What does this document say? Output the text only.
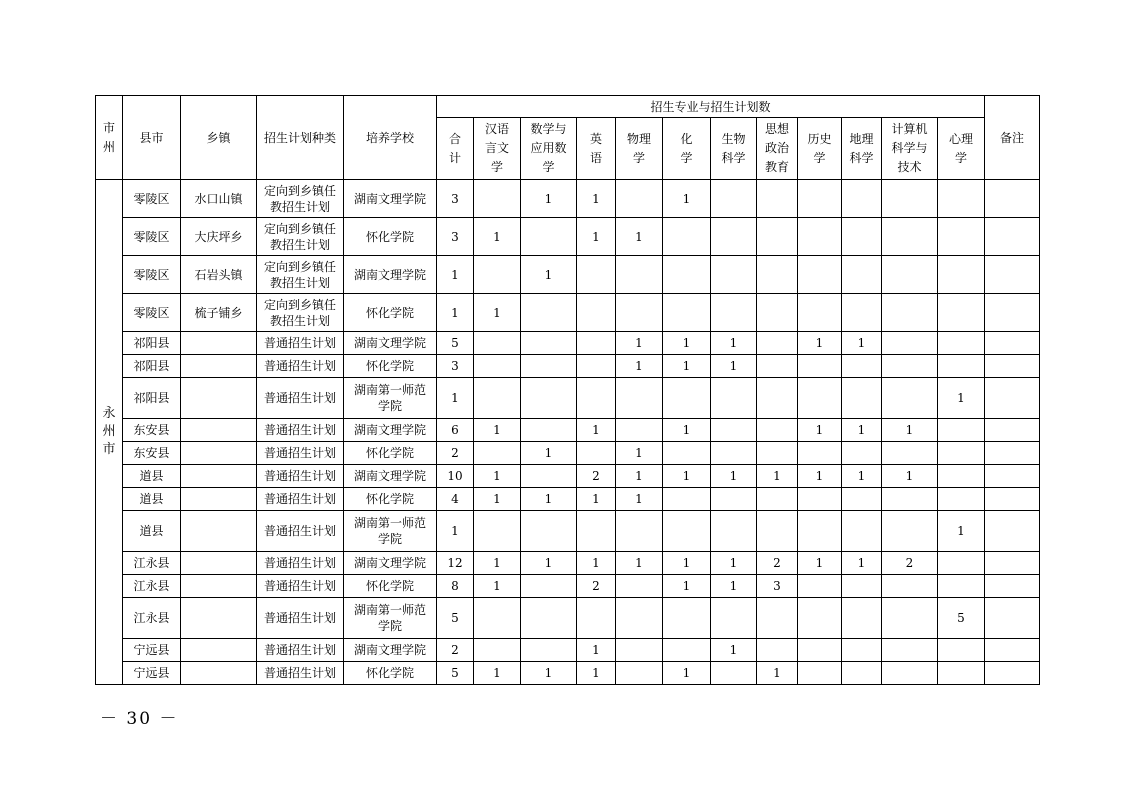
市州	县市	乡镇	招生计划种类	培养学校	招生专业与招生计划数												备注
					合计	汉语言文学	数学与应用数学	英语	物理学	化学	生物科学	思想政治教育	历史学	地理科学	计算机科学与技术	心理学	
永州市	零陵区	水口山镇	定向到乡镇任教招生计划	湖南文理学院	3		1	1		1							
	零陵区	大庆坪乡	定向到乡镇任教招生计划	怀化学院	3	1		1	1								
	零陵区	石岩头镇	定向到乡镇任教招生计划	湖南文理学院	1		1										
	零陵区	梳子铺乡	定向到乡镇任教招生计划	怀化学院	1	1											
	祁阳县		普通招生计划	湖南文理学院	5				1	1	1		1	1			
	祁阳县		普通招生计划	怀化学院	3				1	1	1						
	祁阳县		普通招生计划	湖南第一师范学院	1											1	
	东安县		普通招生计划	湖南文理学院	6	1		1		1			1	1	1		
	东安县		普通招生计划	怀化学院	2		1		1								
	道县		普通招生计划	湖南文理学院	10	1		2	1	1	1	1	1	1	1		
	道县		普通招生计划	怀化学院	4	1	1	1	1								
	道县		普通招生计划	湖南第一师范学院	1											1	
	江永县		普通招生计划	湖南文理学院	12	1	1	1	1	1	1	2	1	1	2		
	江永县		普通招生计划	怀化学院	8	1		2		1	1	3					
	江永县		普通招生计划	湖南第一师范学院	5											5	
	宁远县		普通招生计划	湖南文理学院	2			1			1						
	宁远县		普通招生计划	怀化学院	5	1	1	1		1		1					
－ 30 －
